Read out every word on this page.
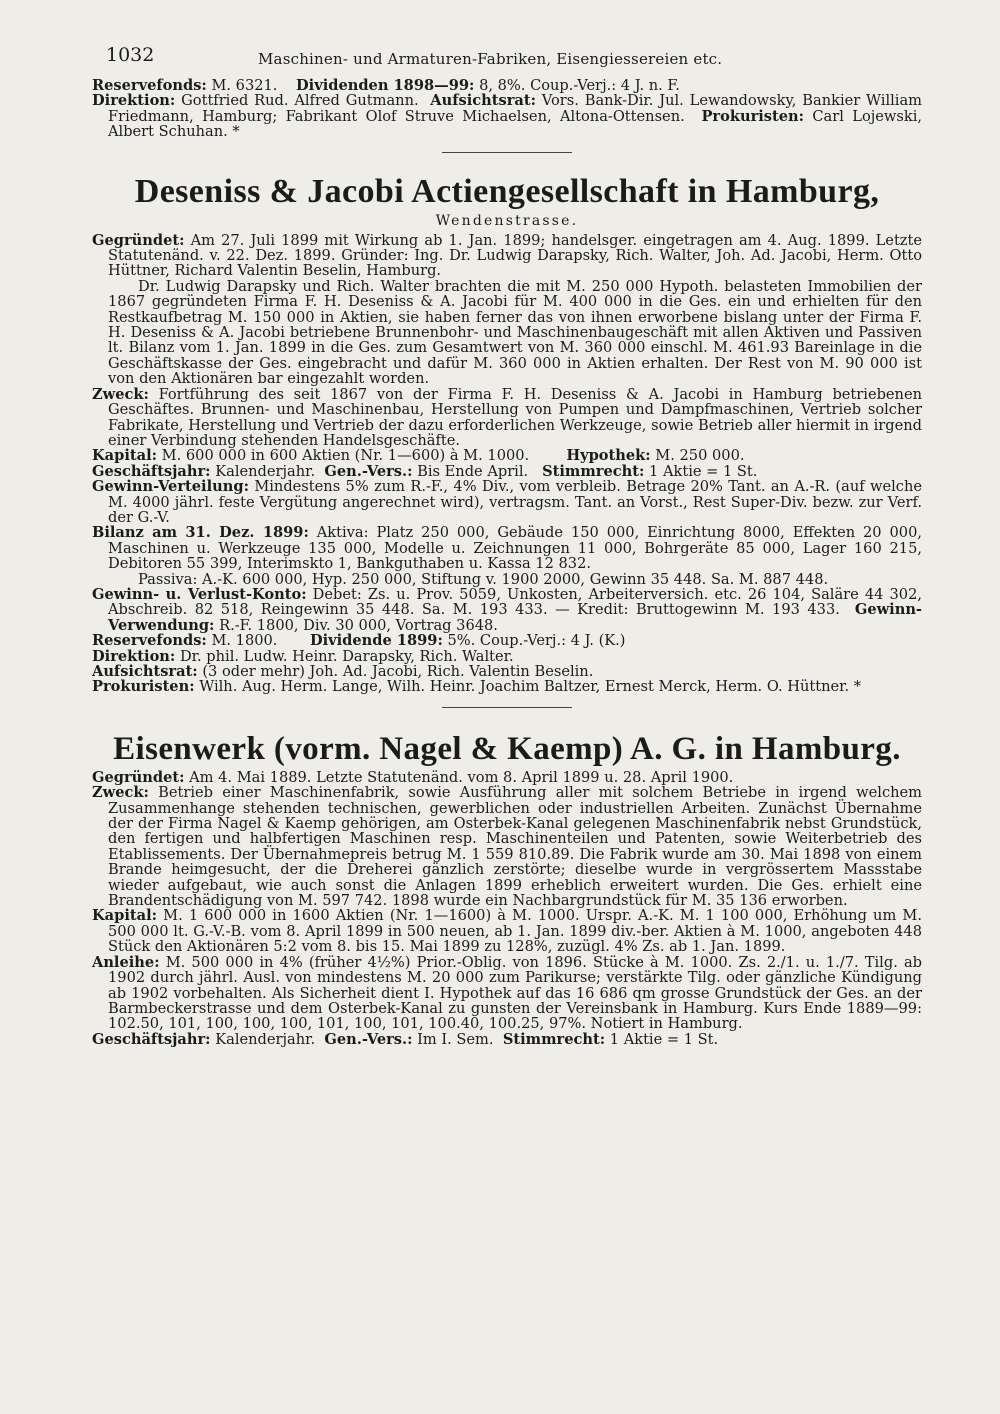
1032	Maschinen- und Armaturen-Fabriken, Eisengiessereien etc.

Reservefonds: M. 6321. Dividenden 1898—99: 8, 8%. Coup.-Verj.: 4 J. n. F.

Direktion: Gottfried Rud. Alfred Gutmann. Aufsichtsrat: Vors. Bank-Dir. Jul. Lewandowsky, Bankier William Friedmann, Hamburg; Fabrikant Olof Struve Michaelsen, Altona-Ottensen. Prokuristen: Carl Lojewski, Albert Schuhan. *

Deseniss & Jacobi Actiengesellschaft in Hamburg,
Wendenstrasse.

Gegründet: Am 27. Juli 1899 mit Wirkung ab 1. Jan. 1899; handelsger. eingetragen am 4. Aug. 1899. Letzte Statutenänd. v. 22. Dez. 1899. Gründer: Ing. Dr. Ludwig Darapsky, Rich. Walter, Joh. Ad. Jacobi, Herm. Otto Hüttner, Richard Valentin Beselin, Hamburg.

Dr. Ludwig Darapsky und Rich. Walter brachten die mit M. 250 000 Hypoth. belasteten Immobilien der 1867 gegründeten Firma F. H. Deseniss & A. Jacobi für M. 400 000 in die Ges. ein und erhielten für den Restkaufbetrag M. 150 000 in Aktien, sie haben ferner das von ihnen erworbene bislang unter der Firma F. H. Deseniss & A. Jacobi betriebene Brunnenbohr- und Maschinenbaugeschäft mit allen Aktiven und Passiven lt. Bilanz vom 1. Jan. 1899 in die Ges. zum Gesamtwert von M. 360 000 einschl. M. 461.93 Bareinlage in die Geschäftskasse der Ges. eingebracht und dafür M. 360 000 in Aktien erhalten. Der Rest von M. 90 000 ist von den Aktionären bar eingezahlt worden.

Zweck: Fortführung des seit 1867 von der Firma F. H. Deseniss & A. Jacobi in Hamburg betriebenen Geschäftes. Brunnen- und Maschinenbau, Herstellung von Pumpen und Dampfmaschinen, Vertrieb solcher Fabrikate, Herstellung und Vertrieb der dazu erforderlichen Werkzeuge, sowie Betrieb aller hiermit in irgend einer Verbindung stehenden Handelsgeschäfte.

Kapital: M. 600 000 in 600 Aktien (Nr. 1—600) à M. 1000.	Hypothek: M. 250 000.

Geschäftsjahr: Kalenderjahr. Gen.-Vers.: Bis Ende April. Stimmrecht: 1 Aktie = 1 St.

Gewinn-Verteilung: Mindestens 5% zum R.-F., 4% Div., vom verbleib. Betrage 20% Tant. an A.-R. (auf welche M. 4000 jährl. feste Vergütung angerechnet wird), vertragsm. Tant. an Vorst., Rest Super-Div. bezw. zur Verf. der G.-V.

Bilanz am 31. Dez. 1899: Aktiva: Platz 250 000, Gebäude 150 000, Einrichtung 8000, Effekten 20 000, Maschinen u. Werkzeuge 135 000, Modelle u. Zeichnungen 11 000, Bohrgeräte 85 000, Lager 160 215, Debitoren 55 399, Interimskto 1, Bankguthaben u. Kassa 12 832.

Passiva: A.-K. 600 000, Hyp. 250 000, Stiftung v. 1900 2000, Gewinn 35 448. Sa. M. 887 448.

Gewinn- u. Verlust-Konto: Debet: Zs. u. Prov. 5059, Unkosten, Arbeiterversich. etc. 26 104, Saläre 44 302, Abschreib. 82 518, Reingewinn 35 448. Sa. M. 193 433. — Kredit: Bruttogewinn M. 193 433. Gewinn-Verwendung: R.-F. 1800, Div. 30 000, Vortrag 3648.

Reservefonds: M. 1800. Dividende 1899: 5%. Coup.-Verj.: 4 J. (K.)

Direktion: Dr. phil. Ludw. Heinr. Darapsky, Rich. Walter.

Aufsichtsrat: (3 oder mehr) Joh. Ad. Jacobi, Rich. Valentin Beselin.

Prokuristen: Wilh. Aug. Herm. Lange, Wilh. Heinr. Joachim Baltzer, Ernest Merck, Herm. O. Hüttner. *

Eisenwerk (vorm. Nagel & Kaemp) A. G. in Hamburg.

Gegründet: Am 4. Mai 1889. Letzte Statutenänd. vom 8. April 1899 u. 28. April 1900.

Zweck: Betrieb einer Maschinenfabrik, sowie Ausführung aller mit solchem Betriebe in irgend welchem Zusammenhange stehenden technischen, gewerblichen oder industriellen Arbeiten. Zunächst Übernahme der der Firma Nagel & Kaemp gehörigen, am Osterbek-Kanal gelegenen Maschinenfabrik nebst Grundstück, den fertigen und halbfertigen Maschinen resp. Maschinenteilen und Patenten, sowie Weiterbetrieb des Etablissements. Der Übernahmepreis betrug M. 1 559 810.89. Die Fabrik wurde am 30. Mai 1898 von einem Brande heimgesucht, der die Dreherei gänzlich zerstörte; dieselbe wurde in vergrössertem Massstabe wieder aufgebaut, wie auch sonst die Anlagen 1899 erheblich erweitert wurden. Die Ges. erhielt eine Brandentschädigung von M. 597 742. 1898 wurde ein Nachbargrundstück für M. 35 136 erworben.

Kapital: M. 1 600 000 in 1600 Aktien (Nr. 1—1600) à M. 1000. Urspr. A.-K. M. 1 100 000, Erhöhung um M. 500 000 lt. G.-V.-B. vom 8. April 1899 in 500 neuen, ab 1. Jan. 1899 div.-ber. Aktien à M. 1000, angeboten 448 Stück den Aktionären 5:2 vom 8. bis 15. Mai 1899 zu 128%, zuzügl. 4% Zs. ab 1. Jan. 1899.

Anleihe: M. 500 000 in 4% (früher 4½%) Prior.-Oblig. von 1896. Stücke à M. 1000. Zs. 2./1. u. 1./7. Tilg. ab 1902 durch jährl. Ausl. von mindestens M. 20 000 zum Parikurse; verstärkte Tilg. oder gänzliche Kündigung ab 1902 vorbehalten. Als Sicherheit dient I. Hypothek auf das 16 686 qm grosse Grundstück der Ges. an der Barmbeckerstrasse und dem Osterbek-Kanal zu gunsten der Vereinsbank in Hamburg. Kurs Ende 1889—99: 102.50, 101, 100, 100, 100, 101, 100, 101, 100.40, 100.25, 97%. Notiert in Hamburg.

Geschäftsjahr: Kalenderjahr. Gen.-Vers.: Im I. Sem. Stimmrecht: 1 Aktie = 1 St.
